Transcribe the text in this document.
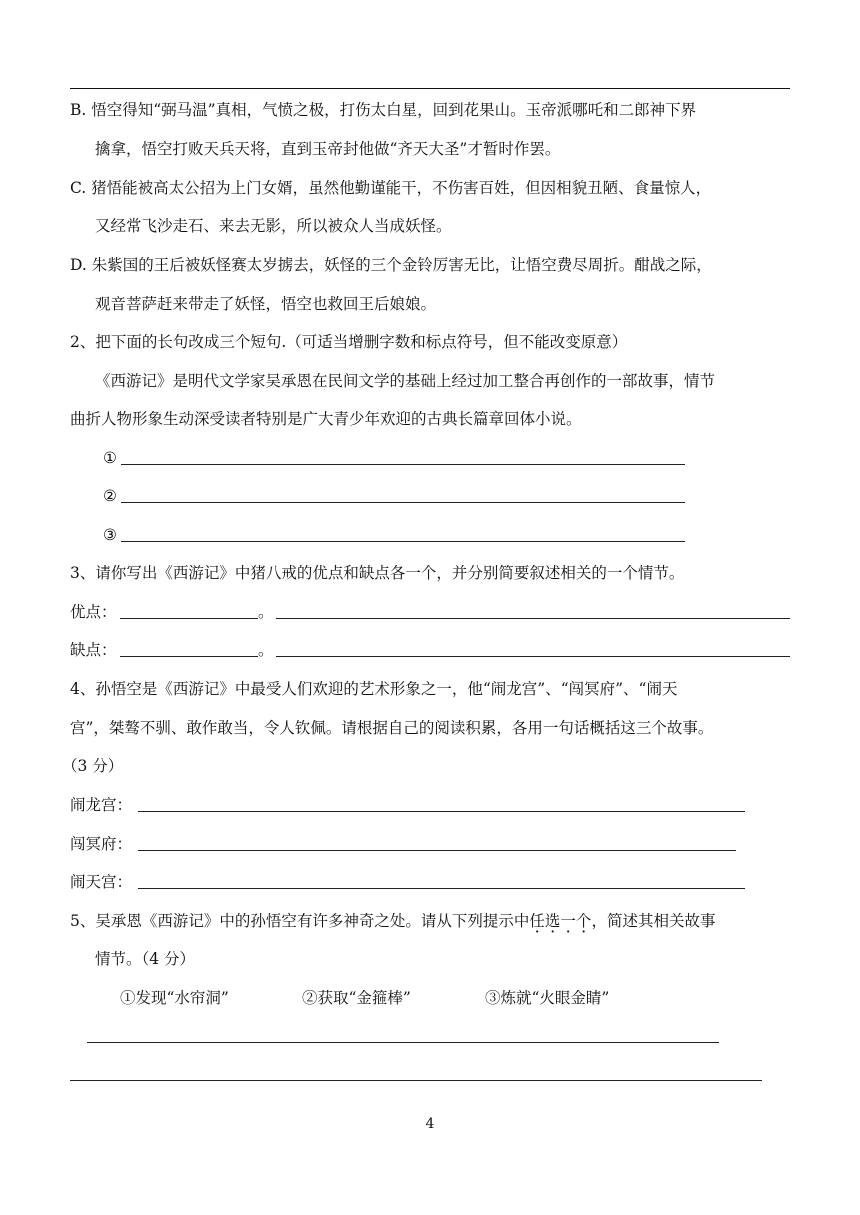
B. 悟空得知“弼马温”真相，气愤之极，打伤太白星，回到花果山。玉帝派哪吒和二郎神下界
擒拿，悟空打败天兵天将，直到玉帝封他做“齐天大圣”才暂时作罢。
C. 猪悟能被高太公招为上门女婿，虽然他勤谨能干，不伤害百姓，但因相貌丑陋、食量惊人，
又经常飞沙走石、来去无影，所以被众人当成妖怪。
D. 朱紫国的王后被妖怪赛太岁掳去，妖怪的三个金铃厉害无比，让悟空费尽周折。酣战之际，
观音菩萨赶来带走了妖怪，悟空也救回王后娘娘。
2、把下面的长句改成三个短句.（可适当增删字数和标点符号，但不能改变原意）
《西游记》是明代文学家吴承恩在民间文学的基础上经过加工整合再创作的一部故事，情节
曲折人物形象生动深受读者特别是广大青少年欢迎的古典长篇章回体小说。
①
②
③
3、请你写出《西游记》中猪八戒的优点和缺点各一个，并分别简要叙述相关的一个情节。
优点：	。
缺点：	。
4、孙悟空是《西游记》中最受人们欢迎的艺术形象之一，他“闹龙宫”、“闯冥府”、“闹天
宫”，桀骜不驯、敢作敢当，令人钦佩。请根据自己的阅读积累，各用一句话概括这三个故事。
（3 分）
闹龙宫：
闯冥府：
闹天宫：
5、吴承恩《西游记》中的孙悟空有许多神奇之处。请从下列提示中任选一个，简述其相关故事
情节。（4 分）
①发现“水帘洞”	②获取“金箍棒”	③炼就“火眼金睛”
4
